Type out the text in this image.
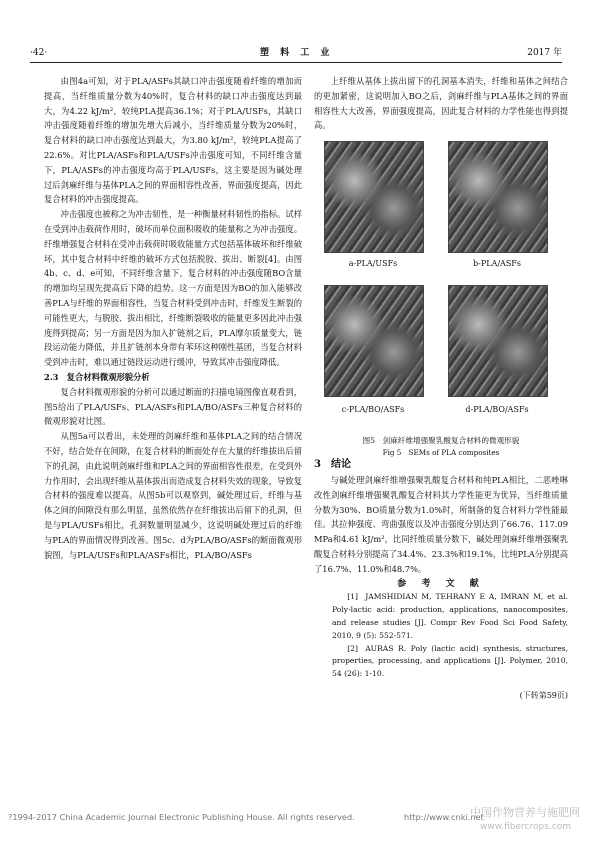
·42·	塑 料 工 业	2017 年

由图4a可知，对于PLA/ASFs其缺口冲击强度随着纤维的增加而提高，当纤维质量分数为40%时，复合材料的缺口冲击强度达到最大，为4.22 kJ/m²，较纯PLA提高36.1%；对于PLA/USFs，其缺口冲击强度随着纤维的增加先增大后减小，当纤维质量分数为20%时，复合材料的缺口冲击强度达到最大，为3.80 kJ/m²，较纯PLA提高了22.6%。对比PLA/ASFs和PLA/USFs冲击强度可知，不同纤维含量下，PLA/ASFs的冲击强度均高于PLA/USFs，这主要是因为碱处理过后剑麻纤维与基体PLA之间的界面相容性改善，界面强度提高，因此复合材料的冲击强度提高。

冲击强度也被称之为冲击韧性，是一种衡量材料韧性的指标。试样在受到冲击载荷作用时，破坏而单位面积吸收的能量称之为冲击强度。纤维增强复合材料在受冲击载荷时吸收能量方式包括基体破坏和纤维破坏，其中复合材料中纤维的破坏方式包括脱胶、拔出、断裂[4]。由图4b、c、d、e可知，不同纤维含量下，复合材料的冲击强度随BO含量的增加均呈现先提高后下降的趋势。这一方面是因为BO的加入能够改善PLA与纤维的界面相容性，当复合材料受到冲击时，纤维发生断裂的可能性更大，与脱胶、拔出相比，纤维断裂吸收的能量更多因此冲击强度得到提高；另一方面是因为加入扩链剂之后，PLA摩尔质量变大，链段运动能力降低，并且扩链剂本身带有苯环这种刚性基团，当复合材料受到冲击时，难以通过链段运动进行缓冲，导致其冲击强度降低。

2.3　复合材料微观形貌分析

复合材料微观形貌的分析可以通过断面的扫描电镜图像直观看到，图5给出了PLA/USFs、PLA/ASFs和PLA/BO/ASFs三种复合材料的微观形貌对比图。

从图5a可以看出，未处理的剑麻纤维和基体PLA之间的结合情况不好，结合处存在间隙，在复合材料的断面处存在大量的纤维拔出后留下的孔洞，由此说明剑麻纤维和PLA之间的界面相容性很差，在受到外力作用时，会出现纤维从基体拔出而造成复合材料失效的现象，导致复合材料的强度难以提高。从图5b可以观察到，碱处理过后，纤维与基体之间的间隙没有那么明显，虽然依然存在纤维拔出后留下的孔洞，但是与PLA/USFs相比，孔洞数量明显减少，这说明碱处理过后的纤维与PLA的界面情况得到改善。图5c、d为PLA/BO/ASFs的断面微观形貌图，与PLA/USFs和PLA/ASFs相比，PLA/BO/ASFs

上纤维从基体上拔出留下的孔洞基本消失，纤维和基体之间结合的更加紧密，这说明加入BO之后，剑麻纤维与PLA基体之间的界面相容性大大改善，界面强度提高，因此复合材料的力学性能也得到提高。

a-PLA/USFs	b-PLA/ASFs
c-PLA/BO/ASFs	d-PLA/BO/ASFs

图5　剑麻纤维增强聚乳酸复合材料的微观形貌

Fig 5　SEMs of PLA composites

3　结论

与碱处理剑麻纤维增强聚乳酸复合材料和纯PLA相比，二恶唑啉改性剑麻纤维增强聚乳酸复合材料其力学性能更为优异，当纤维质量分数为30%、BO质量分数为1.0%时，所制备的复合材料力学性能最佳。其拉伸强度、弯曲强度以及冲击强度分别达到了66.76、117.09 MPa和4.61 kJ/m²，比同纤维质量分数下，碱处理剑麻纤维增强聚乳酸复合材料分别提高了34.4%、23.3%和19.1%，比纯PLA分别提高了16.7%、11.0%和48.7%。

参 考 文 献

[1] JAMSHIDIAN M, TEHRANY E A, IMRAN M, et al. Poly-lactic acid: production, applications, nanocomposites, and release studies [J]. Compr Rev Food Sci Food Safety, 2010, 9 (5): 552-571.

[2] AURAS R. Poly (lactic acid) synthesis, structures, properties, processing, and applications [J]. Polymer, 2010, 54 (26): 1-10.

(下转第59页)
?1994-2017 China Academic Journal Electronic Publishing House. All rights reserved.	http://www.cnki.net
中国作物营养与施肥网
www.fibercrops.com
